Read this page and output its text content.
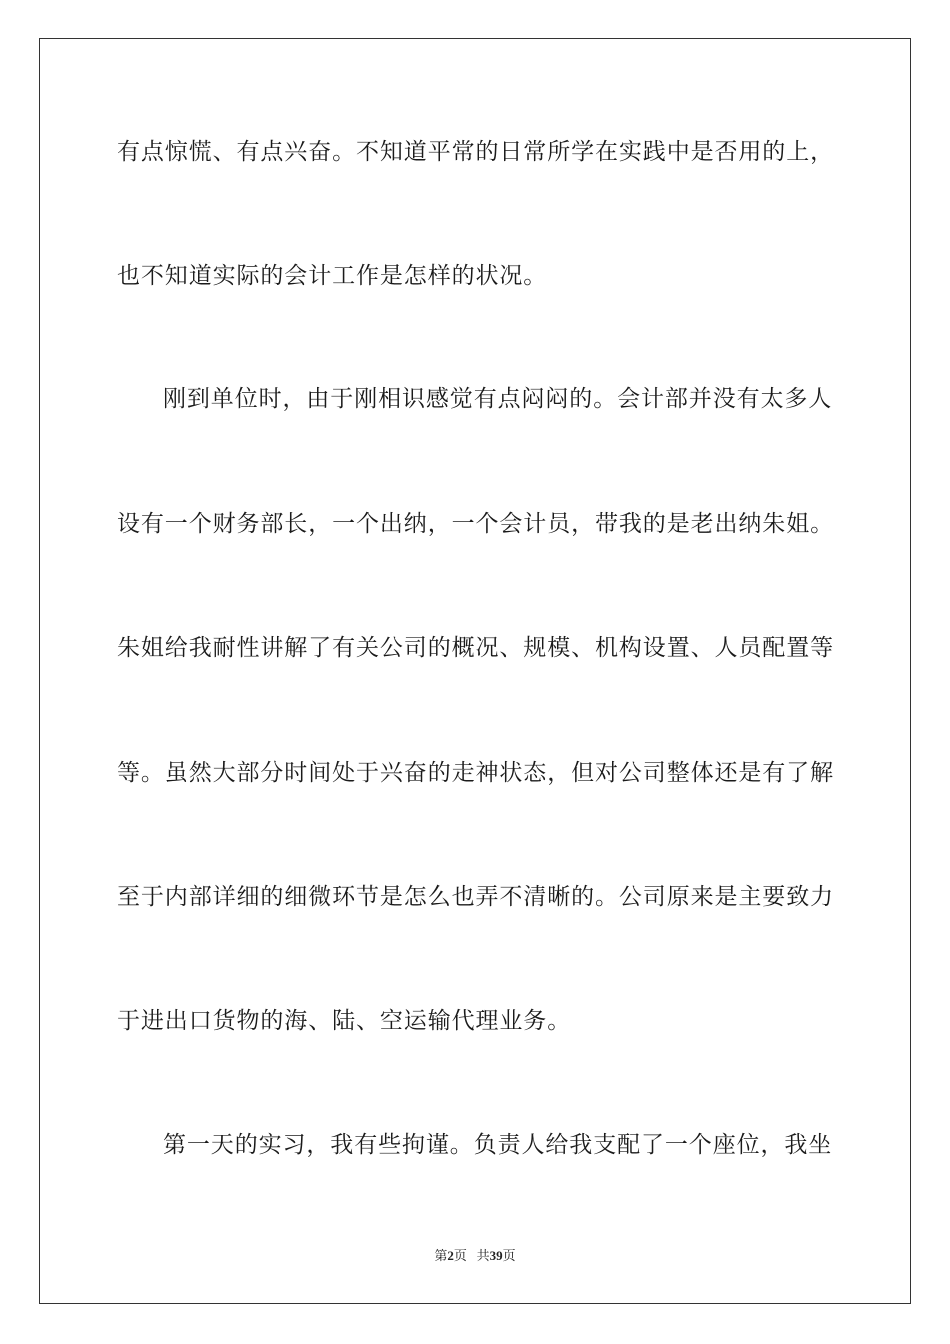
有点惊慌、有点兴奋。不知道平常的日常所学在实践中是否用的上，
也不知道实际的会计工作是怎样的状况。
刚到单位时，由于刚相识感觉有点闷闷的。会计部并没有太多人
设有一个财务部长，一个出纳，一个会计员，带我的是老出纳朱姐。
朱姐给我耐性讲解了有关公司的概况、规模、机构设置、人员配置等
等。虽然大部分时间处于兴奋的走神状态，但对公司整体还是有了解
至于内部详细的细微环节是怎么也弄不清晰的。公司原来是主要致力
于进出口货物的海、陆、空运输代理业务。
第一天的实习，我有些拘谨。负责人给我支配了一个座位，我坐
第2页 共39页
